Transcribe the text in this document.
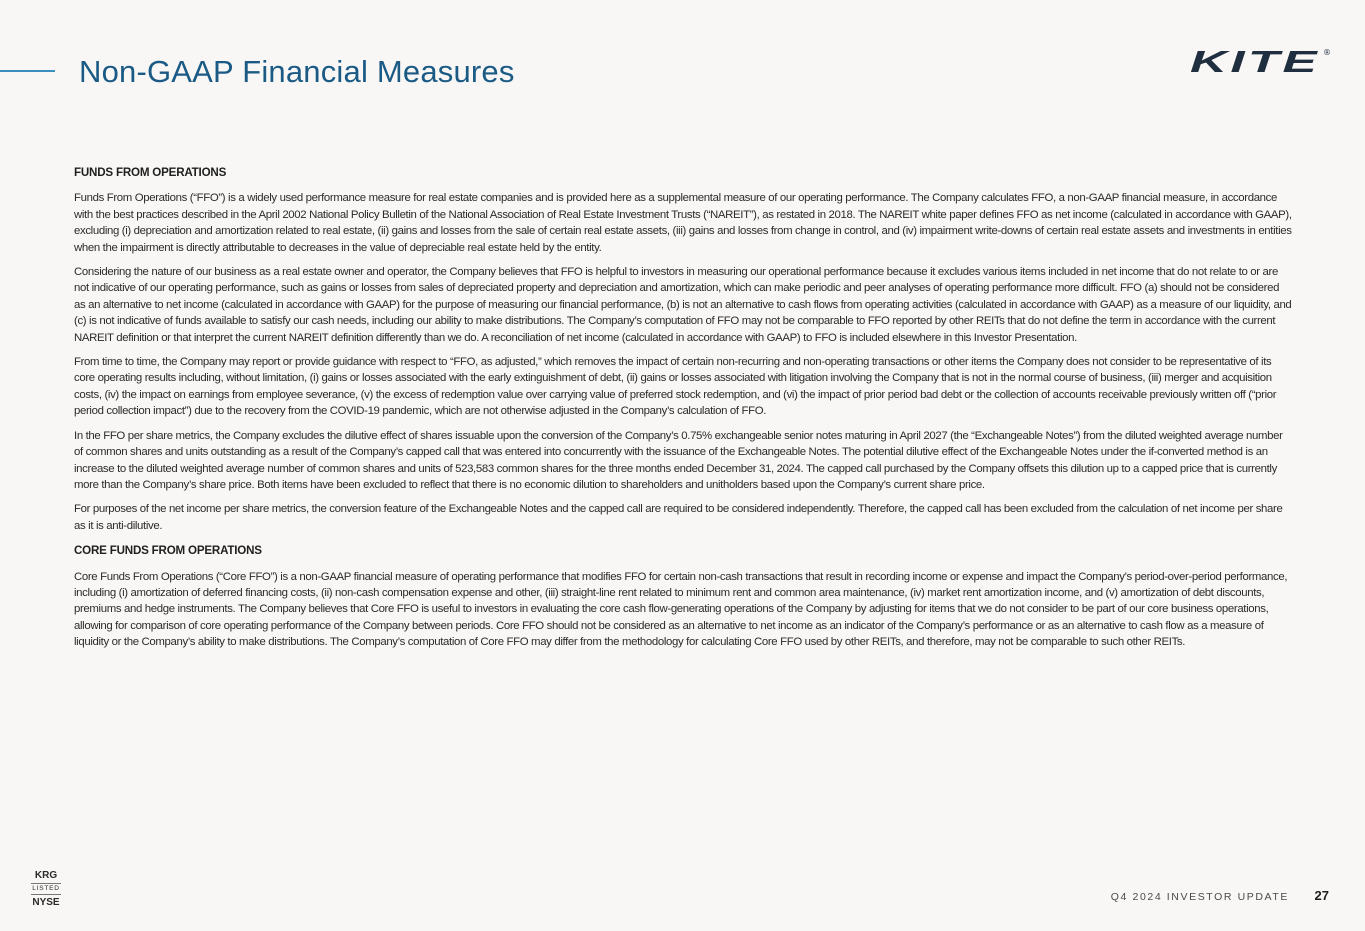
Non-GAAP Financial Measures	KITE ®
FUNDS FROM OPERATIONS

Funds From Operations (“FFO”) is a widely used performance measure for real estate companies and is provided here as a supplemental measure of our operating performance. The Company calculates FFO, a non-GAAP financial measure, in accordance with the best practices described in the April 2002 National Policy Bulletin of the National Association of Real Estate Investment Trusts (“NAREIT”), as restated in 2018. The NAREIT white paper defines FFO as net income (calculated in accordance with GAAP), excluding (i) depreciation and amortization related to real estate, (ii) gains and losses from the sale of certain real estate assets, (iii) gains and losses from change in control, and (iv) impairment write-downs of certain real estate assets and investments in entities when the impairment is directly attributable to decreases in the value of depreciable real estate held by the entity.

Considering the nature of our business as a real estate owner and operator, the Company believes that FFO is helpful to investors in measuring our operational performance because it excludes various items included in net income that do not relate to or are not indicative of our operating performance, such as gains or losses from sales of depreciated property and depreciation and amortization, which can make periodic and peer analyses of operating performance more difficult. FFO (a) should not be considered as an alternative to net income (calculated in accordance with GAAP) for the purpose of measuring our financial performance, (b) is not an alternative to cash flows from operating activities (calculated in accordance with GAAP) as a measure of our liquidity, and (c) is not indicative of funds available to satisfy our cash needs, including our ability to make distributions. The Company’s computation of FFO may not be comparable to FFO reported by other REITs that do not define the term in accordance with the current NAREIT definition or that interpret the current NAREIT definition differently than we do. A reconciliation of net income (calculated in accordance with GAAP) to FFO is included elsewhere in this Investor Presentation.

From time to time, the Company may report or provide guidance with respect to “FFO, as adjusted,” which removes the impact of certain non-recurring and non-operating transactions or other items the Company does not consider to be representative of its core operating results including, without limitation, (i) gains or losses associated with the early extinguishment of debt, (ii) gains or losses associated with litigation involving the Company that is not in the normal course of business, (iii) merger and acquisition costs, (iv) the impact on earnings from employee severance, (v) the excess of redemption value over carrying value of preferred stock redemption, and (vi) the impact of prior period bad debt or the collection of accounts receivable previously written off (“prior period collection impact”) due to the recovery from the COVID-19 pandemic, which are not otherwise adjusted in the Company’s calculation of FFO.

In the FFO per share metrics, the Company excludes the dilutive effect of shares issuable upon the conversion of the Company’s 0.75% exchangeable senior notes maturing in April 2027 (the “Exchangeable Notes”) from the diluted weighted average number of common shares and units outstanding as a result of the Company’s capped call that was entered into concurrently with the issuance of the Exchangeable Notes. The potential dilutive effect of the Exchangeable Notes under the if-converted method is an increase to the diluted weighted average number of common shares and units of 523,583 common shares for the three months ended December 31, 2024. The capped call purchased by the Company offsets this dilution up to a capped price that is currently more than the Company’s share price. Both items have been excluded to reflect that there is no economic dilution to shareholders and unitholders based upon the Company’s current share price.

For purposes of the net income per share metrics, the conversion feature of the Exchangeable Notes and the capped call are required to be considered independently. Therefore, the capped call has been excluded from the calculation of net income per share as it is anti-dilutive.

CORE FUNDS FROM OPERATIONS

Core Funds From Operations (“Core FFO”) is a non-GAAP financial measure of operating performance that modifies FFO for certain non-cash transactions that result in recording income or expense and impact the Company’s period-over-period performance, including (i) amortization of deferred financing costs, (ii) non-cash compensation expense and other, (iii) straight-line rent related to minimum rent and common area maintenance, (iv) market rent amortization income, and (v) amortization of debt discounts, premiums and hedge instruments. The Company believes that Core FFO is useful to investors in evaluating the core cash flow-generating operations of the Company by adjusting for items that we do not consider to be part of our core business operations, allowing for comparison of core operating performance of the Company between periods. Core FFO should not be considered as an alternative to net income as an indicator of the Company’s performance or as an alternative to cash flow as a measure of liquidity or the Company’s ability to make distributions. The Company’s computation of Core FFO may differ from the methodology for calculating Core FFO used by other REITs, and therefore, may not be comparable to such other REITs.

KRG
LISTED
NYSE	Q4 2024 INVESTOR UPDATE 27
